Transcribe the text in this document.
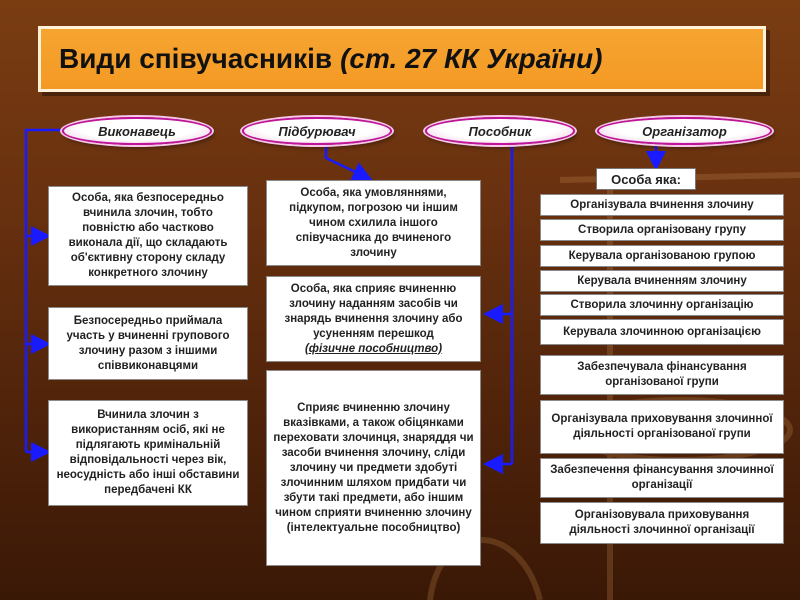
Види співучасників (ст. 27 КК України)
Виконавець	Підбурювач	Пособник	Організатор
Особа, яка безпосередньо вчинила злочин, тобто повністю або частково виконала дії, що складають об'єктивну сторону складу конкретного злочину
Безпосередньо приймала участь у вчиненні групового злочину разом з іншими співвиконавцями
Вчинила злочин з використанням осіб, які не підлягають кримінальній відповідальності через вік, неосудність або інші обставини передбачені КК
Особа, яка умовляннями, підкупом, погрозою чи іншим чином схилила іншого співучасника до вчиненого злочину
Особа, яка сприяє вчиненню злочину наданням засобів чи знарядь вчинення злочину або усуненням перешкод
(фізичне пособництво)
Сприяє вчиненню злочину вказівками, а також обіцянками переховати злочинця, знаряддя чи засоби вчинення злочину, сліди злочину чи предмети здобуті злочинним шляхом придбати чи збути такі предмети, або іншим чином сприяти вчиненню злочину (інтелектуальне пособництво)
Особа яка:
Організувала вчинення злочину
Створила організовану групу
Керувала організованою групою
Керувала вчиненням злочину
Створила злочинну організацію
Керувала злочинною організацією
Забезпечувала фінансування організованої групи
Організувала приховування злочинної діяльності організованої групи
Забезпечення фінансування злочинної організації
Організовувала приховування діяльності злочинної організації
